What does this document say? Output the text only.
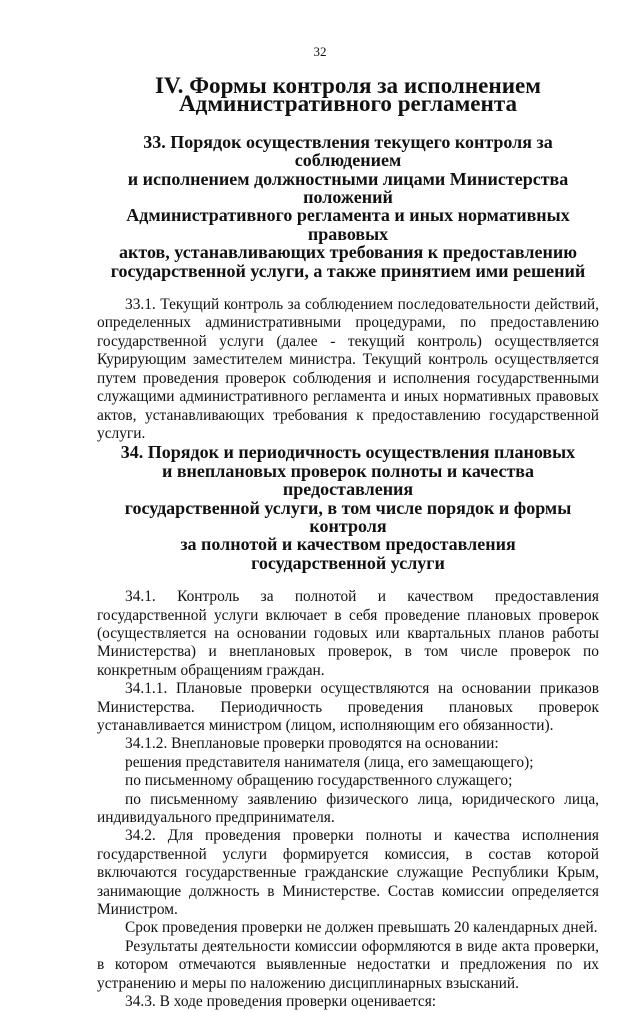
32
IV. Формы контроля за исполнением
Административного регламента
33. Порядок осуществления текущего контроля за соблюдением
и исполнением должностными лицами Министерства положений
Административного регламента и иных нормативных правовых
актов, устанавливающих требования к предоставлению
государственной услуги, а также принятием ими решений

33.1. Текущий контроль за соблюдением последовательности действий, определенных административными процедурами, по предоставлению государственной услуги (далее - текущий контроль) осуществляется Курирующим заместителем министра. Текущий контроль осуществляется путем проведения проверок соблюдения и исполнения государственными служащими административного регламента и иных нормативных правовых актов, устанавливающих требования к предоставлению государственной услуги.

34. Порядок и периодичность осуществления плановых
и внеплановых проверок полноты и качества предоставления
государственной услуги, в том числе порядок и формы контроля
за полнотой и качеством предоставления
государственной услуги

34.1. Контроль за полнотой и качеством предоставления государственной услуги включает в себя проведение плановых проверок (осуществляется на основании годовых или квартальных планов работы Министерства) и внеплановых проверок, в том числе проверок по конкретным обращениям граждан.

34.1.1. Плановые проверки осуществляются на основании приказов Министерства. Периодичность проведения плановых проверок устанавливается министром (лицом, исполняющим его обязанности).

34.1.2. Внеплановые проверки проводятся на основании:

решения представителя нанимателя (лица, его замещающего);

по письменному обращению государственного служащего;

по письменному заявлению физического лица, юридического лица, индивидуального предпринимателя.

34.2. Для проведения проверки полноты и качества исполнения государственной услуги формируется комиссия, в состав которой включаются государственные гражданские служащие Республики Крым, занимающие должность в Министерстве. Состав комиссии определяется Министром.

Срок проведения проверки не должен превышать 20 календарных дней.

Результаты деятельности комиссии оформляются в виде акта проверки, в котором отмечаются выявленные недостатки и предложения по их устранению и меры по наложению дисциплинарных взысканий.

34.3. В ходе проведения проверки оценивается:
